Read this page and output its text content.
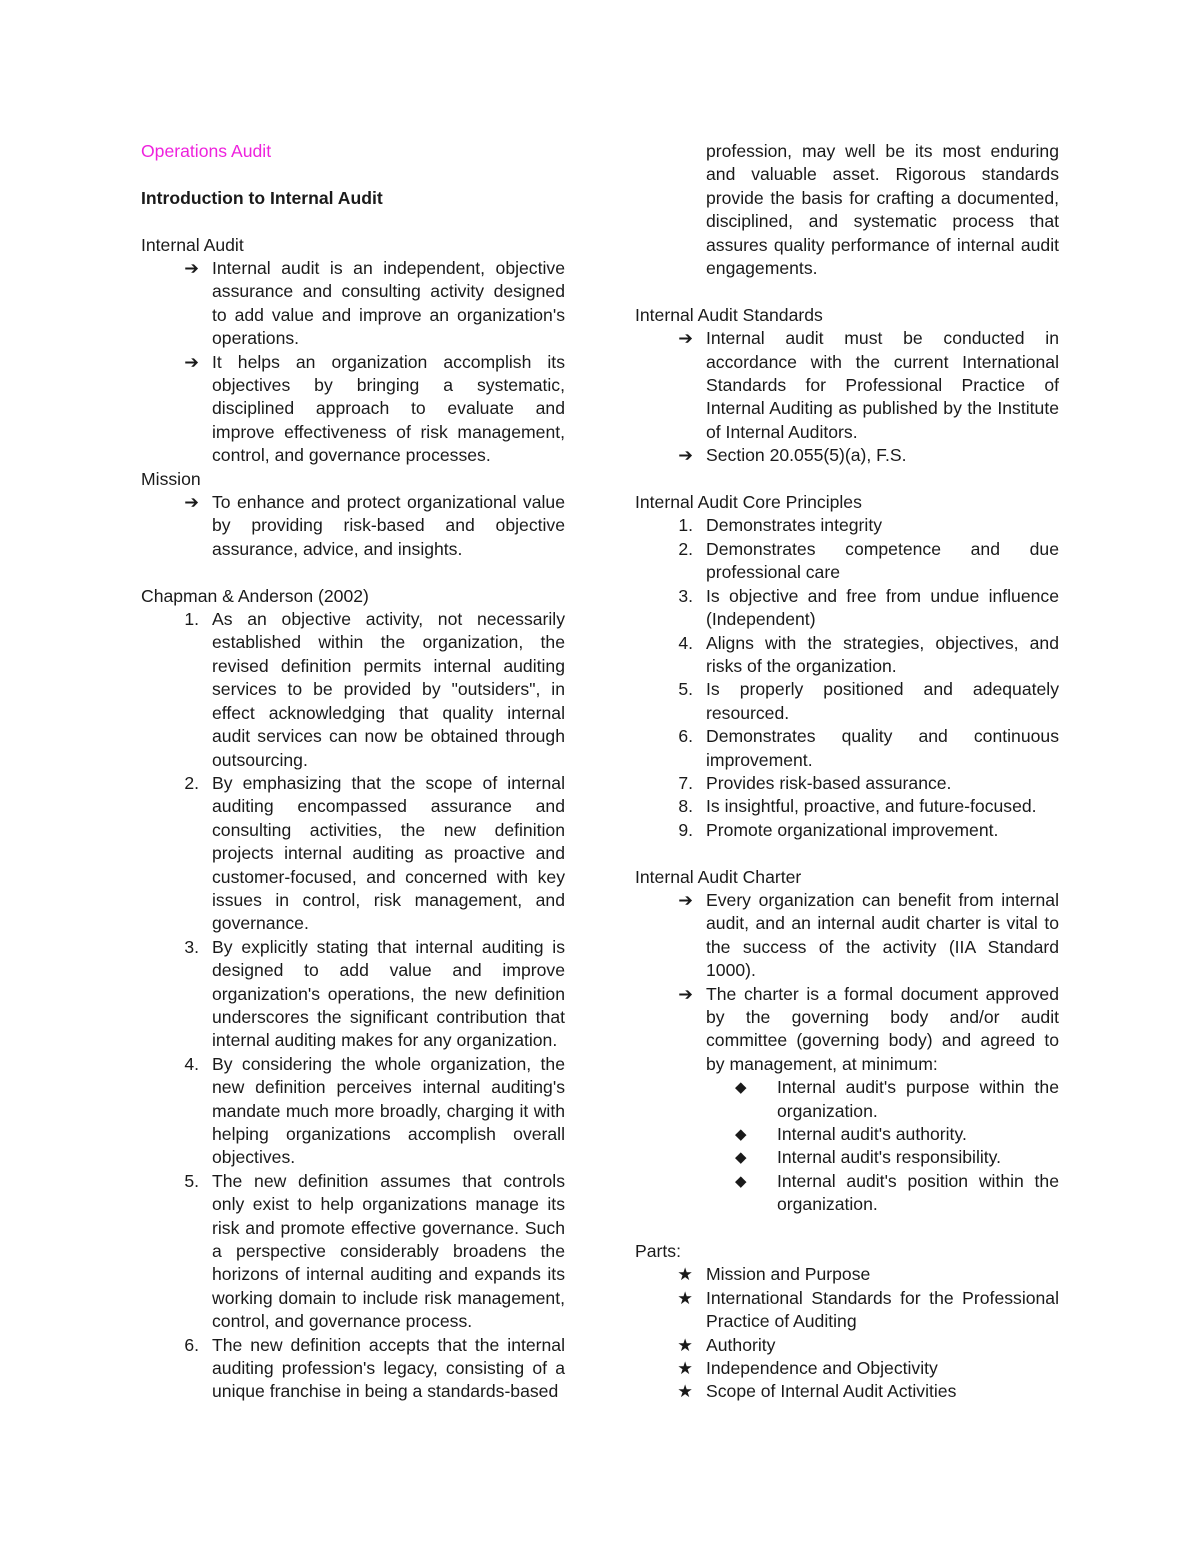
Operations Audit
Introduction to Internal Audit
Internal Audit
➔ Internal audit is an independent, objective assurance and consulting activity designed to add value and improve an organization's operations.
➔ It helps an organization accomplish its objectives by bringing a systematic, disciplined approach to evaluate and improve effectiveness of risk management, control, and governance processes.
Mission
➔ To enhance and protect organizational value by providing risk-based and objective assurance, advice, and insights.
Chapman & Anderson (2002)
1. As an objective activity, not necessarily established within the organization, the revised definition permits internal auditing services to be provided by "outsiders", in effect acknowledging that quality internal audit services can now be obtained through outsourcing.
2. By emphasizing that the scope of internal auditing encompassed assurance and consulting activities, the new definition projects internal auditing as proactive and customer-focused, and concerned with key issues in control, risk management, and governance.
3. By explicitly stating that internal auditing is designed to add value and improve organization's operations, the new definition underscores the significant contribution that internal auditing makes for any organization.
4. By considering the whole organization, the new definition perceives internal auditing's mandate much more broadly, charging it with helping organizations accomplish overall objectives.
5. The new definition assumes that controls only exist to help organizations manage its risk and promote effective governance. Such a perspective considerably broadens the horizons of internal auditing and expands its working domain to include risk management, control, and governance process.
6. The new definition accepts that the internal auditing profession's legacy, consisting of a unique franchise in being a standards-based
profession, may well be its most enduring and valuable asset. Rigorous standards provide the basis for crafting a documented, disciplined, and systematic process that assures quality performance of internal audit engagements.
Internal Audit Standards
➔ Internal audit must be conducted in accordance with the current International Standards for Professional Practice of Internal Auditing as published by the Institute of Internal Auditors.
➔ Section 20.055(5)(a), F.S.
Internal Audit Core Principles
1. Demonstrates integrity
2. Demonstrates competence and due professional care
3. Is objective and free from undue influence (Independent)
4. Aligns with the strategies, objectives, and risks of the organization.
5. Is properly positioned and adequately resourced.
6. Demonstrates quality and continuous improvement.
7. Provides risk-based assurance.
8. Is insightful, proactive, and future-focused.
9. Promote organizational improvement.
Internal Audit Charter
➔ Every organization can benefit from internal audit, and an internal audit charter is vital to the success of the activity (IIA Standard 1000).
➔ The charter is a formal document approved by the governing body and/or audit committee (governing body) and agreed to by management, at minimum:
◆ Internal audit's purpose within the organization.
◆ Internal audit's authority.
◆ Internal audit's responsibility.
◆ Internal audit's position within the organization.
Parts:
★ Mission and Purpose
★ International Standards for the Professional Practice of Auditing
★ Authority
★ Independence and Objectivity
★ Scope of Internal Audit Activities
